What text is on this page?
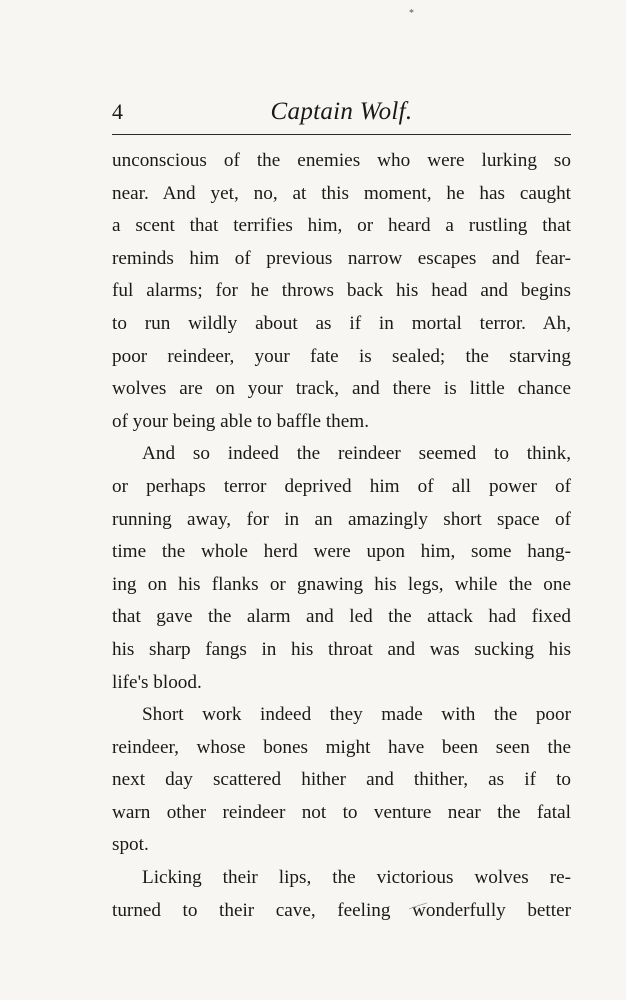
*
4	Captain Wolf.
unconscious of the enemies who were lurking so
near. And yet, no, at this moment, he has caught
a scent that terrifies him, or heard a rustling that
reminds him of previous narrow escapes and fear-
ful alarms; for he throws back his head and begins
to run wildly about as if in mortal terror. Ah,
poor reindeer, your fate is sealed; the starving
wolves are on your track, and there is little chance
of your being able to baffle them.
And so indeed the reindeer seemed to think,
or perhaps terror deprived him of all power of
running away, for in an amazingly short space of
time the whole herd were upon him, some hang-
ing on his flanks or gnawing his legs, while the one
that gave the alarm and led the attack had fixed
his sharp fangs in his throat and was sucking his
life's blood.
Short work indeed they made with the poor
reindeer, whose bones might have been seen the
next day scattered hither and thither, as if to
warn other reindeer not to venture near the fatal
spot.
Licking their lips, the victorious wolves re-
turned to their cave, feeling wonderfully better
